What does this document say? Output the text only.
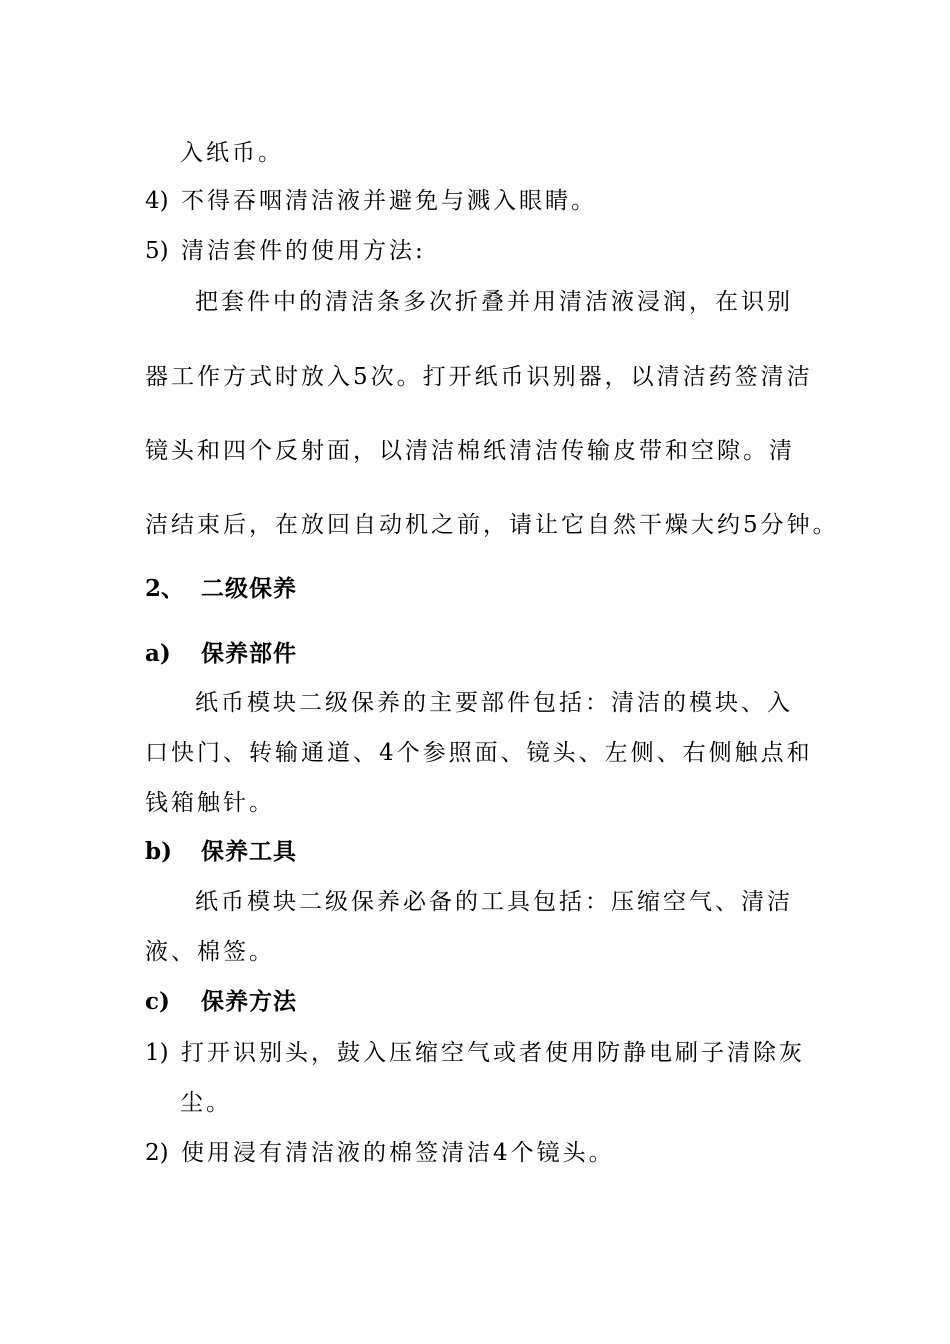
入纸币。
4) 不得吞咽清洁液并避免与溅入眼睛。
5) 清洁套件的使用方法:
把套件中的清洁条多次折叠并用清洁液浸润，在识别
器工作方式时放入5次。打开纸币识别器，以清洁药签清洁
镜头和四个反射面，以清洁棉纸清洁传输皮带和空隙。清
洁结束后，在放回自动机之前，请让它自然干燥大约5分钟。
2、 二级保养
a) 保养部件
纸币模块二级保养的主要部件包括：清洁的模块、入
口快门、转输通道、4个参照面、镜头、左侧、右侧触点和
钱箱触针。
b) 保养工具
纸币模块二级保养必备的工具包括：压缩空气、清洁
液、棉签。
c) 保养方法
1) 打开识别头，鼓入压缩空气或者使用防静电刷子清除灰
尘。
2) 使用浸有清洁液的棉签清洁4个镜头。
